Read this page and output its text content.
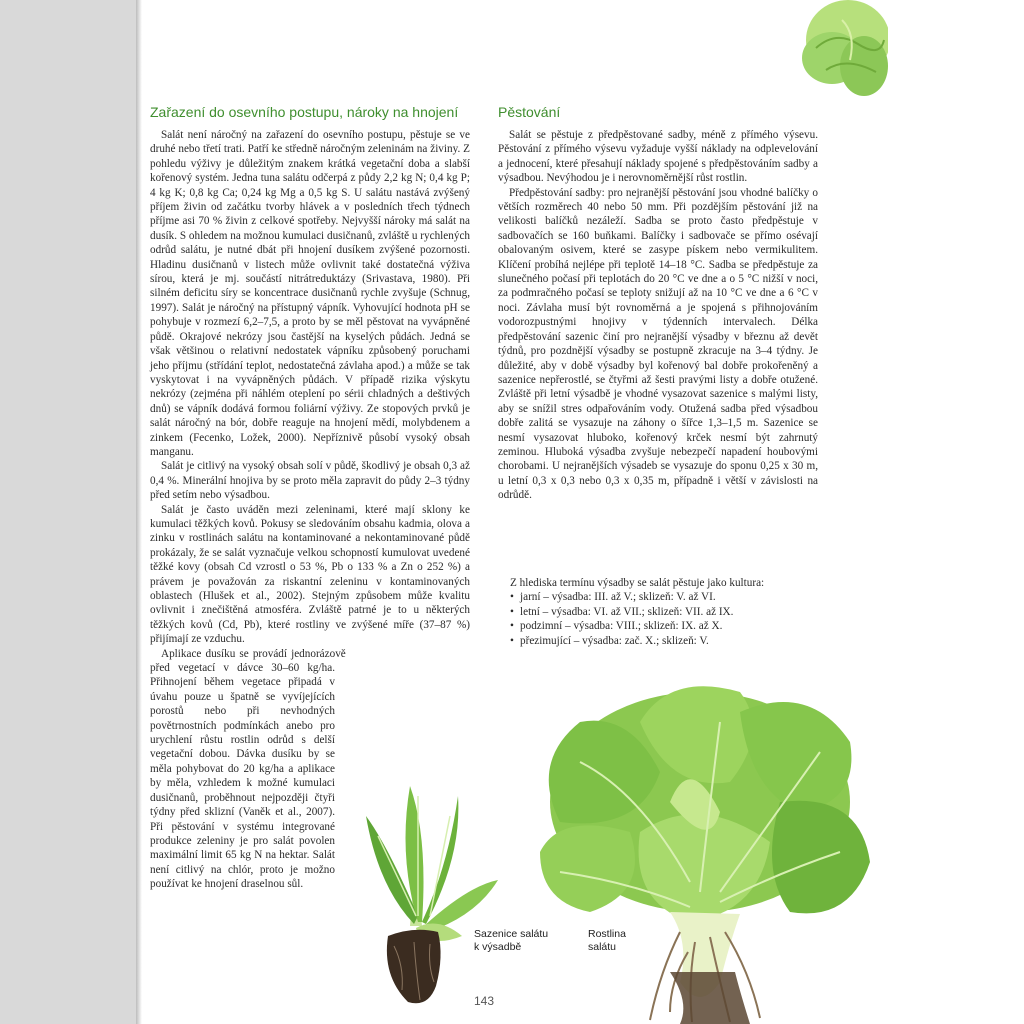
Zařazení do osevního postupu, nároky na hnojení	Pěstování

Salát není náročný na zařazení do osevního postupu, pěstuje se ve druhé nebo třetí trati. Patří ke středně náročným zeleninám na živiny. Z pohledu výživy je důležitým znakem krátká vegetační doba a slabší kořenový systém. Jedna tuna salátu odčerpá z půdy 2,2 kg N; 0,4 kg P; 4 kg K; 0,8 kg Ca; 0,24 kg Mg a 0,5 kg S. U salátu nastává zvýšený příjem živin od začátku tvorby hlávek a v posledních třech týdnech příjme asi 70 % živin z celkové spotřeby. Nejvyšší nároky má salát na dusík. S ohledem na možnou kumulaci dusičnanů, zvláště u rychlených odrůd salátu, je nutné dbát při hnojení dusíkem zvýšené pozornosti. Hladinu dusičnanů v listech může ovlivnit také dostatečná výživa sírou, která je mj. součástí nitrátreduktázy (Srivastava, 1980). Při silném deficitu síry se koncentrace dusičnanů rychle zvyšuje (Schnug, 1997). Salát je náročný na přístupný vápník. Vyhovující hodnota pH se pohybuje v rozmezí 6,2–7,5, a proto by se měl pěstovat na vyvápněné půdě. Okrajové nekrózy jsou častější na kyselých půdách. Jedná se však většinou o relativní nedostatek vápníku způsobený poruchami jeho příjmu (střídání teplot, nedostatečná závlaha apod.) a může se tak vyskytovat i na vyvápněných půdách. V případě rizika výskytu nekrózy (zejména při náhlém oteplení po sérii chladných a deštivých dnů) se vápník dodává formou foliární výživy. Ze stopových prvků je salát náročný na bór, dobře reaguje na hnojení mědí, molybdenem a zinkem (Fecenko, Ložek, 2000). Nepříznivě působí vysoký obsah manganu.

Salát je citlivý na vysoký obsah solí v půdě, škodlivý je obsah 0,3 až 0,4 %. Minerální hnojiva by se proto měla zapravit do půdy 2–3 týdny před setím nebo výsadbou.

Salát je často uváděn mezi zeleninami, které mají sklony ke kumulaci těžkých kovů. Pokusy se sledováním obsahu kadmia, olova a zinku v rostlinách salátu na kontaminované a nekontaminované půdě prokázaly, že se salát vyznačuje velkou schopností kumulovat uvedené těžké kovy (obsah Cd vzrostl o 53 %, Pb o 133 % a Zn o 252 %) a právem je považován za riskantní zeleninu v kontaminovaných oblastech (Hlušek et al., 2002). Stejným způsobem může kvalitu ovlivnit i znečištěná atmosféra. Zvláště patrné je to u některých těžkých kovů (Cd, Pb), které rostliny ve zvýšené míře (37–87 %) přijímají ze vzduchu.

Aplikace dusíku se provádí jednorázově před vegetací v dávce 30–60 kg/ha. Přihnojení během vegetace připadá v úvahu pouze u špatně se vyvíjejících porostů nebo při nevhodných povětrnostních podmínkách anebo pro urychlení růstu rostlin odrůd s delší vegetační dobou. Dávka dusíku by se měla pohybovat do 20 kg/ha a aplikace by měla, vzhledem k možné kumulaci dusičnanů, proběhnout nejpozději čtyři týdny před sklizní (Vaněk et al., 2007). Při pěstování v systému integrované produkce zeleniny je pro salát povolen maximální limit 65 kg N na hektar. Salát není citlivý na chlór, proto je možno používat ke hnojení draselnou sůl.

Salát se pěstuje z předpěstované sadby, méně z přímého výsevu. Pěstování z přímého výsevu vyžaduje vyšší náklady na odplevelování a jednocení, které přesahují náklady spojené s předpěstováním sadby a výsadbou. Nevýhodou je i nerovnoměrnější růst rostlin.

Předpěstování sadby: pro nejranější pěstování jsou vhodné balíčky o větších rozměrech 40 nebo 50 mm. Při pozdějším pěstování již na velikosti balíčků nezáleží. Sadba se proto často předpěstuje v sadbovačích se 160 buňkami. Balíčky i sadbovače se přímo osévají obalovaným osivem, které se zasype pískem nebo vermikulitem. Klíčení probíhá nejlépe při teplotě 14–18 °C. Sadba se předpěstuje za slunečného počasí při teplotách do 20 °C ve dne a o 5 °C nižší v noci, za podmračného počasí se teploty snižují až na 10 °C ve dne a 6 °C v noci. Závlaha musí být rovnoměrná a je spojená s přihnojováním vodorozpustnými hnojivy v týdenních intervalech. Délka předpěstování sazenic činí pro nejranější výsadby v březnu až devět týdnů, pro pozdnější výsadby se postupně zkracuje na 3–4 týdny. Je důležité, aby v době výsadby byl kořenový bal dobře prokořeněný a sazenice nepřerostlé, se čtyřmi až šesti pravými listy a dobře otužené. Zvláště při letní výsadbě je vhodné vysazovat sazenice s malými listy, aby se snížil stres odpařováním vody. Otužená sadba před výsadbou dobře zalitá se vysazuje na záhony o šířce 1,3–1,5 m. Sazenice se nesmí vysazovat hluboko, kořenový krček nesmí být zahrnutý zeminou. Hluboká výsadba zvyšuje nebezpečí napadení houbovými chorobami. U nejranějších výsadeb se vysazuje do sponu 0,25 x 30 m, u letní 0,3 x 0,3 nebo 0,3 x 0,35 m, případně i větší v závislosti na odrůdě.

Z hlediska termínu výsadby se salát pěstuje jako kultura:
• jarní – výsadba: III. až V.; sklizeň: V. až VI.
• letní – výsadba: VI. až VII.; sklizeň: VII. až IX.
• podzimní – výsadba: VIII.; sklizeň: IX. až X.
• přezimující – výsadba: zač. X.; sklizeň: V.
Sazenice salátu
k výsadbě
Rostlina
salátu
143
